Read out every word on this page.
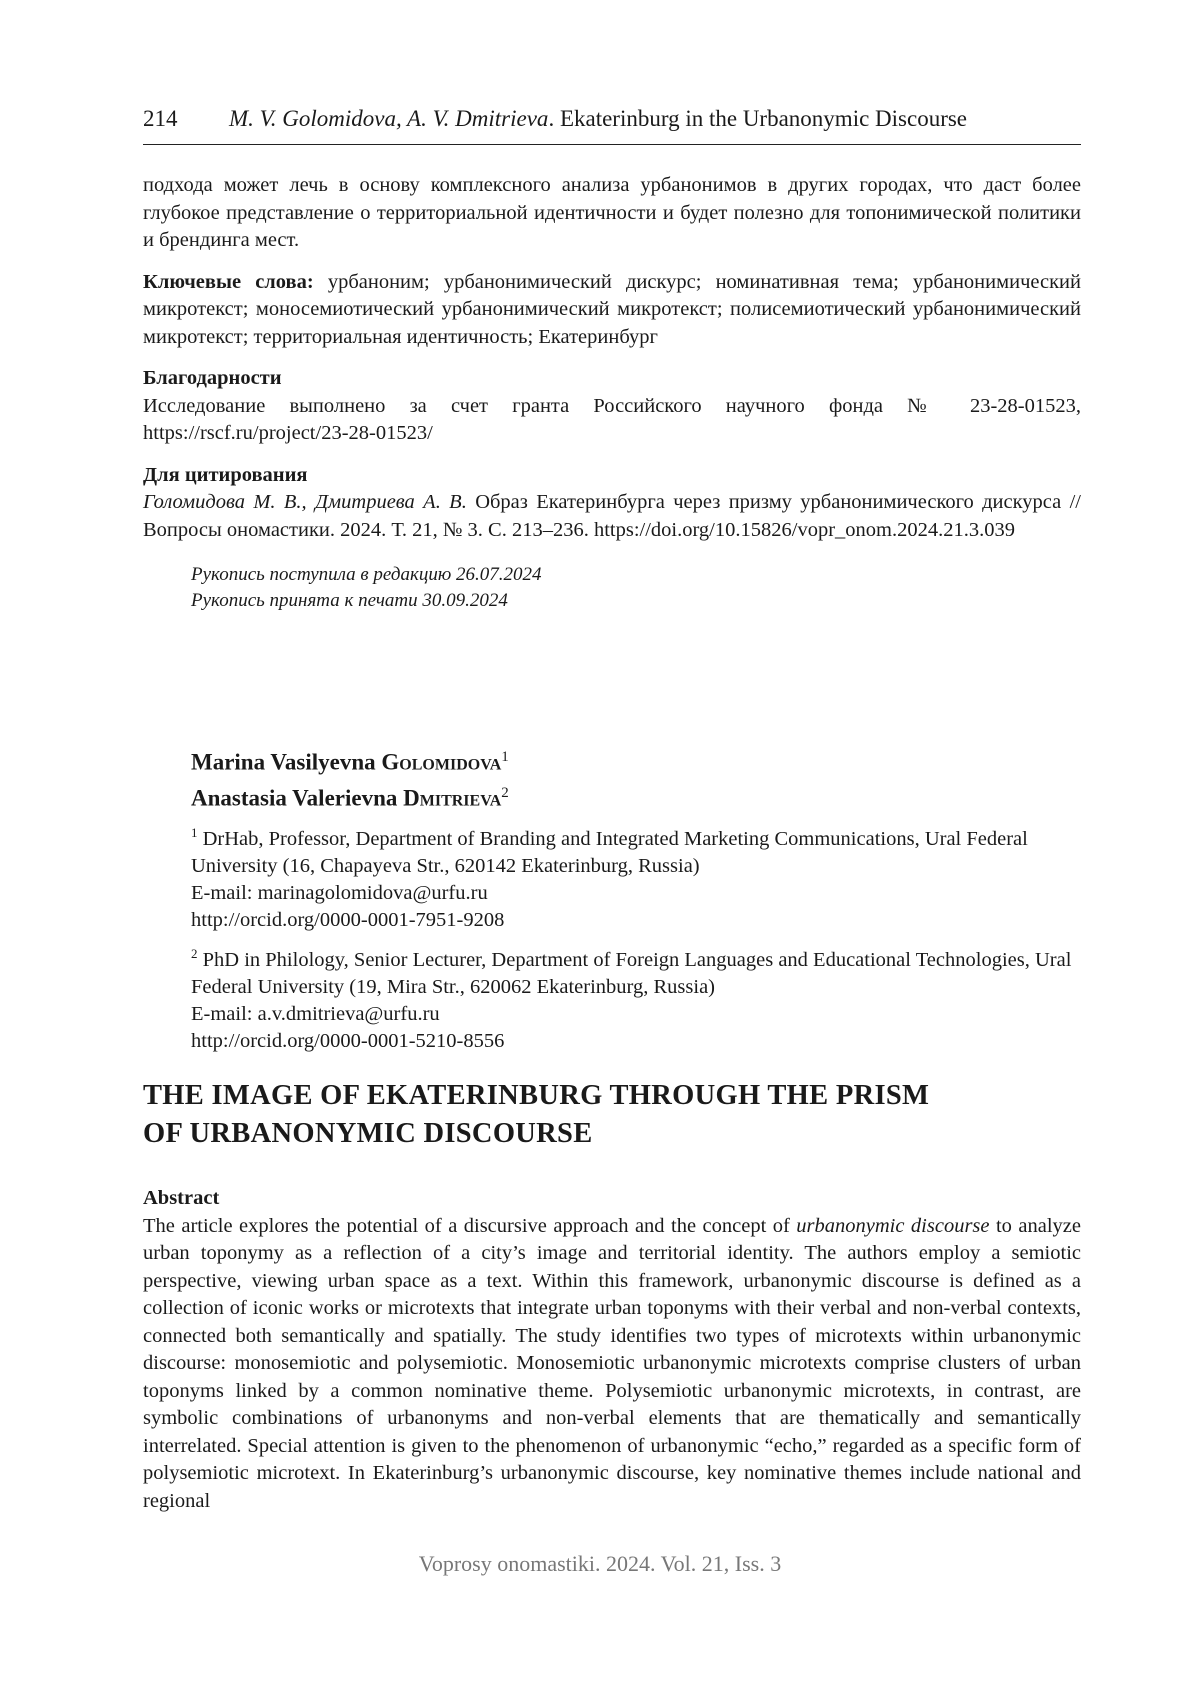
214 M. V. Golomidova, A. V. Dmitrieva. Ekaterinburg in the Urbanonymic Discourse

подхода может лечь в основу комплексного анализа урбанонимов в других городах, что даст более глубокое представление о территориальной идентичности и будет полезно для топонимической политики и брендинга мест.

Ключевые слова: урбаноним; урбанонимический дискурс; номинативная тема; урбанонимический микротекст; моносемиотический урбанонимический микротекст; полисемиотический урбанонимический микротекст; территориальная идентичность; Екатеринбург

Благодарности

Исследование выполнено за счет гранта Российского научного фонда № 23-28-01523, https://rscf.ru/project/23-28-01523/

Для цитирования

Голомидова М. В., Дмитриева А. В. Образ Екатеринбурга через призму урбанонимического дискурса // Вопросы ономастики. 2024. Т. 21, № 3. С. 213–236. https://doi.org/10.15826/vopr_onom.2024.21.3.039

Рукопись поступила в редакцию 26.07.2024
Рукопись принята к печати 30.09.2024

Marina Vasilyevna Golomidova$^1$

Anastasia Valerievna Dmitrieva$^2$

$^1$ DrHab, Professor, Department of Branding and Integrated Marketing Communications, Ural Federal University (16, Chapayeva Str., 620142 Ekaterinburg, Russia)
E-mail: marinagolomidova@urfu.ru
http://orcid.org/0000-0001-7951-9208
$^2$ PhD in Philology, Senior Lecturer, Department of Foreign Languages and Educational Technologies, Ural Federal University (19, Mira Str., 620062 Ekaterinburg, Russia)
E-mail: a.v.dmitrieva@urfu.ru
http://orcid.org/0000-0001-5210-8556
THE IMAGE OF EKATERINBURG THROUGH THE PRISM
OF URBANONYMIC DISCOURSE

Abstract

The article explores the potential of a discursive approach and the concept of urbanonymic discourse to analyze urban toponymy as a reflection of a city’s image and territorial identity. The authors employ a semiotic perspective, viewing urban space as a text. Within this framework, urbanonymic discourse is defined as a collection of iconic works or microtexts that integrate urban toponyms with their verbal and non-verbal contexts, connected both semantically and spatially. The study identifies two types of microtexts within urbanonymic discourse: monosemiotic and polysemiotic. Monosemiotic urbanonymic microtexts comprise clusters of urban toponyms linked by a common nominative theme. Polysemiotic urbanonymic microtexts, in contrast, are symbolic combinations of urbanonyms and non-verbal elements that are thematically and semantically interrelated. Special attention is given to the phenomenon of urbanonymic “echo,” regarded as a specific form of polysemiotic microtext. In Ekaterinburg’s urbanonymic discourse, key nominative themes include national and regional

Voprosy onomastiki. 2024. Vol. 21, Iss. 3
